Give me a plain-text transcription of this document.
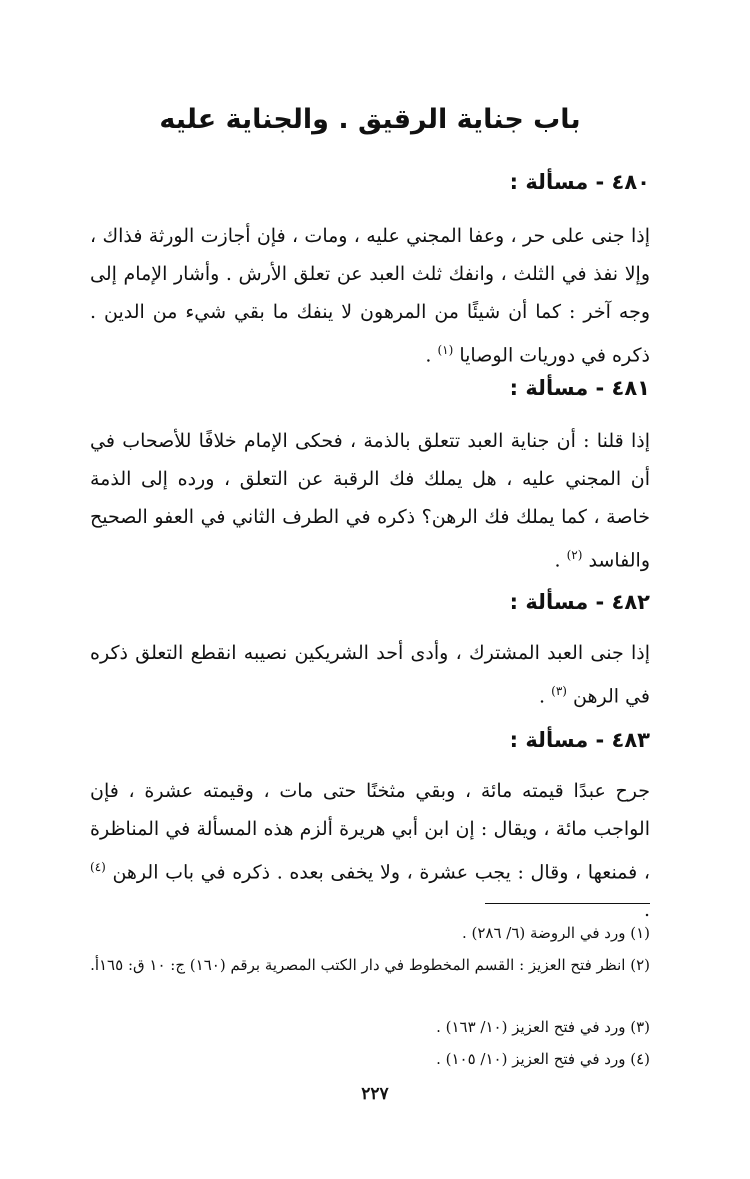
باب جناية الرقيق . والجناية عليه
٤٨٠ - مسألة :
إذا جنى على حر ، وعفا المجني عليه ، ومات ، فإن أجازت الورثة فذاك ، وإلا نفذ في الثلث ، وانفك ثلث العبد عن تعلق الأرش . وأشار الإمام إلى وجه آخر : كما أن شيئًا من المرهون لا ينفك ما بقي شيء من الدين . ذكره في دوريات الوصايا $^{(١)}$ .
٤٨١ - مسألة :
إذا قلنا : أن جناية العبد تتعلق بالذمة ، فحكى الإمام خلافًا للأصحاب في أن المجني عليه ، هل يملك فك الرقبة عن التعلق ، ورده إلى الذمة خاصة ، كما يملك فك الرهن؟ ذكره في الطرف الثاني في العفو الصحيح والفاسد $^{(٢)}$ .
٤٨٢ - مسألة :
إذا جنى العبد المشترك ، وأدى أحد الشريكين نصيبه انقطع التعلق ذكره في الرهن $^{(٣)}$ .
٤٨٣ - مسألة :
جرح عبدًا قيمته مائة ، وبقي مثخنًا حتى مات ، وقيمته عشرة ، فإن الواجب مائة ، ويقال : إن ابن أبي هريرة ألزم هذه المسألة في المناظرة ، فمنعها ، وقال : يجب عشرة ، ولا يخفى بعده . ذكره في باب الرهن $^{(٤)}$ .
(١) ورد في الروضة (٦/ ٢٨٦) .
(٢) انظر فتح العزيز : القسم المخطوط في دار الكتب المصرية برقم (١٦٠) ج: ١٠ ق: ١٦٥أ.
(٣) ورد في فتح العزيز (١٠/ ١٦٣) .
(٤) ورد في فتح العزيز (١٠/ ١٠٥) .
٢٢٧
